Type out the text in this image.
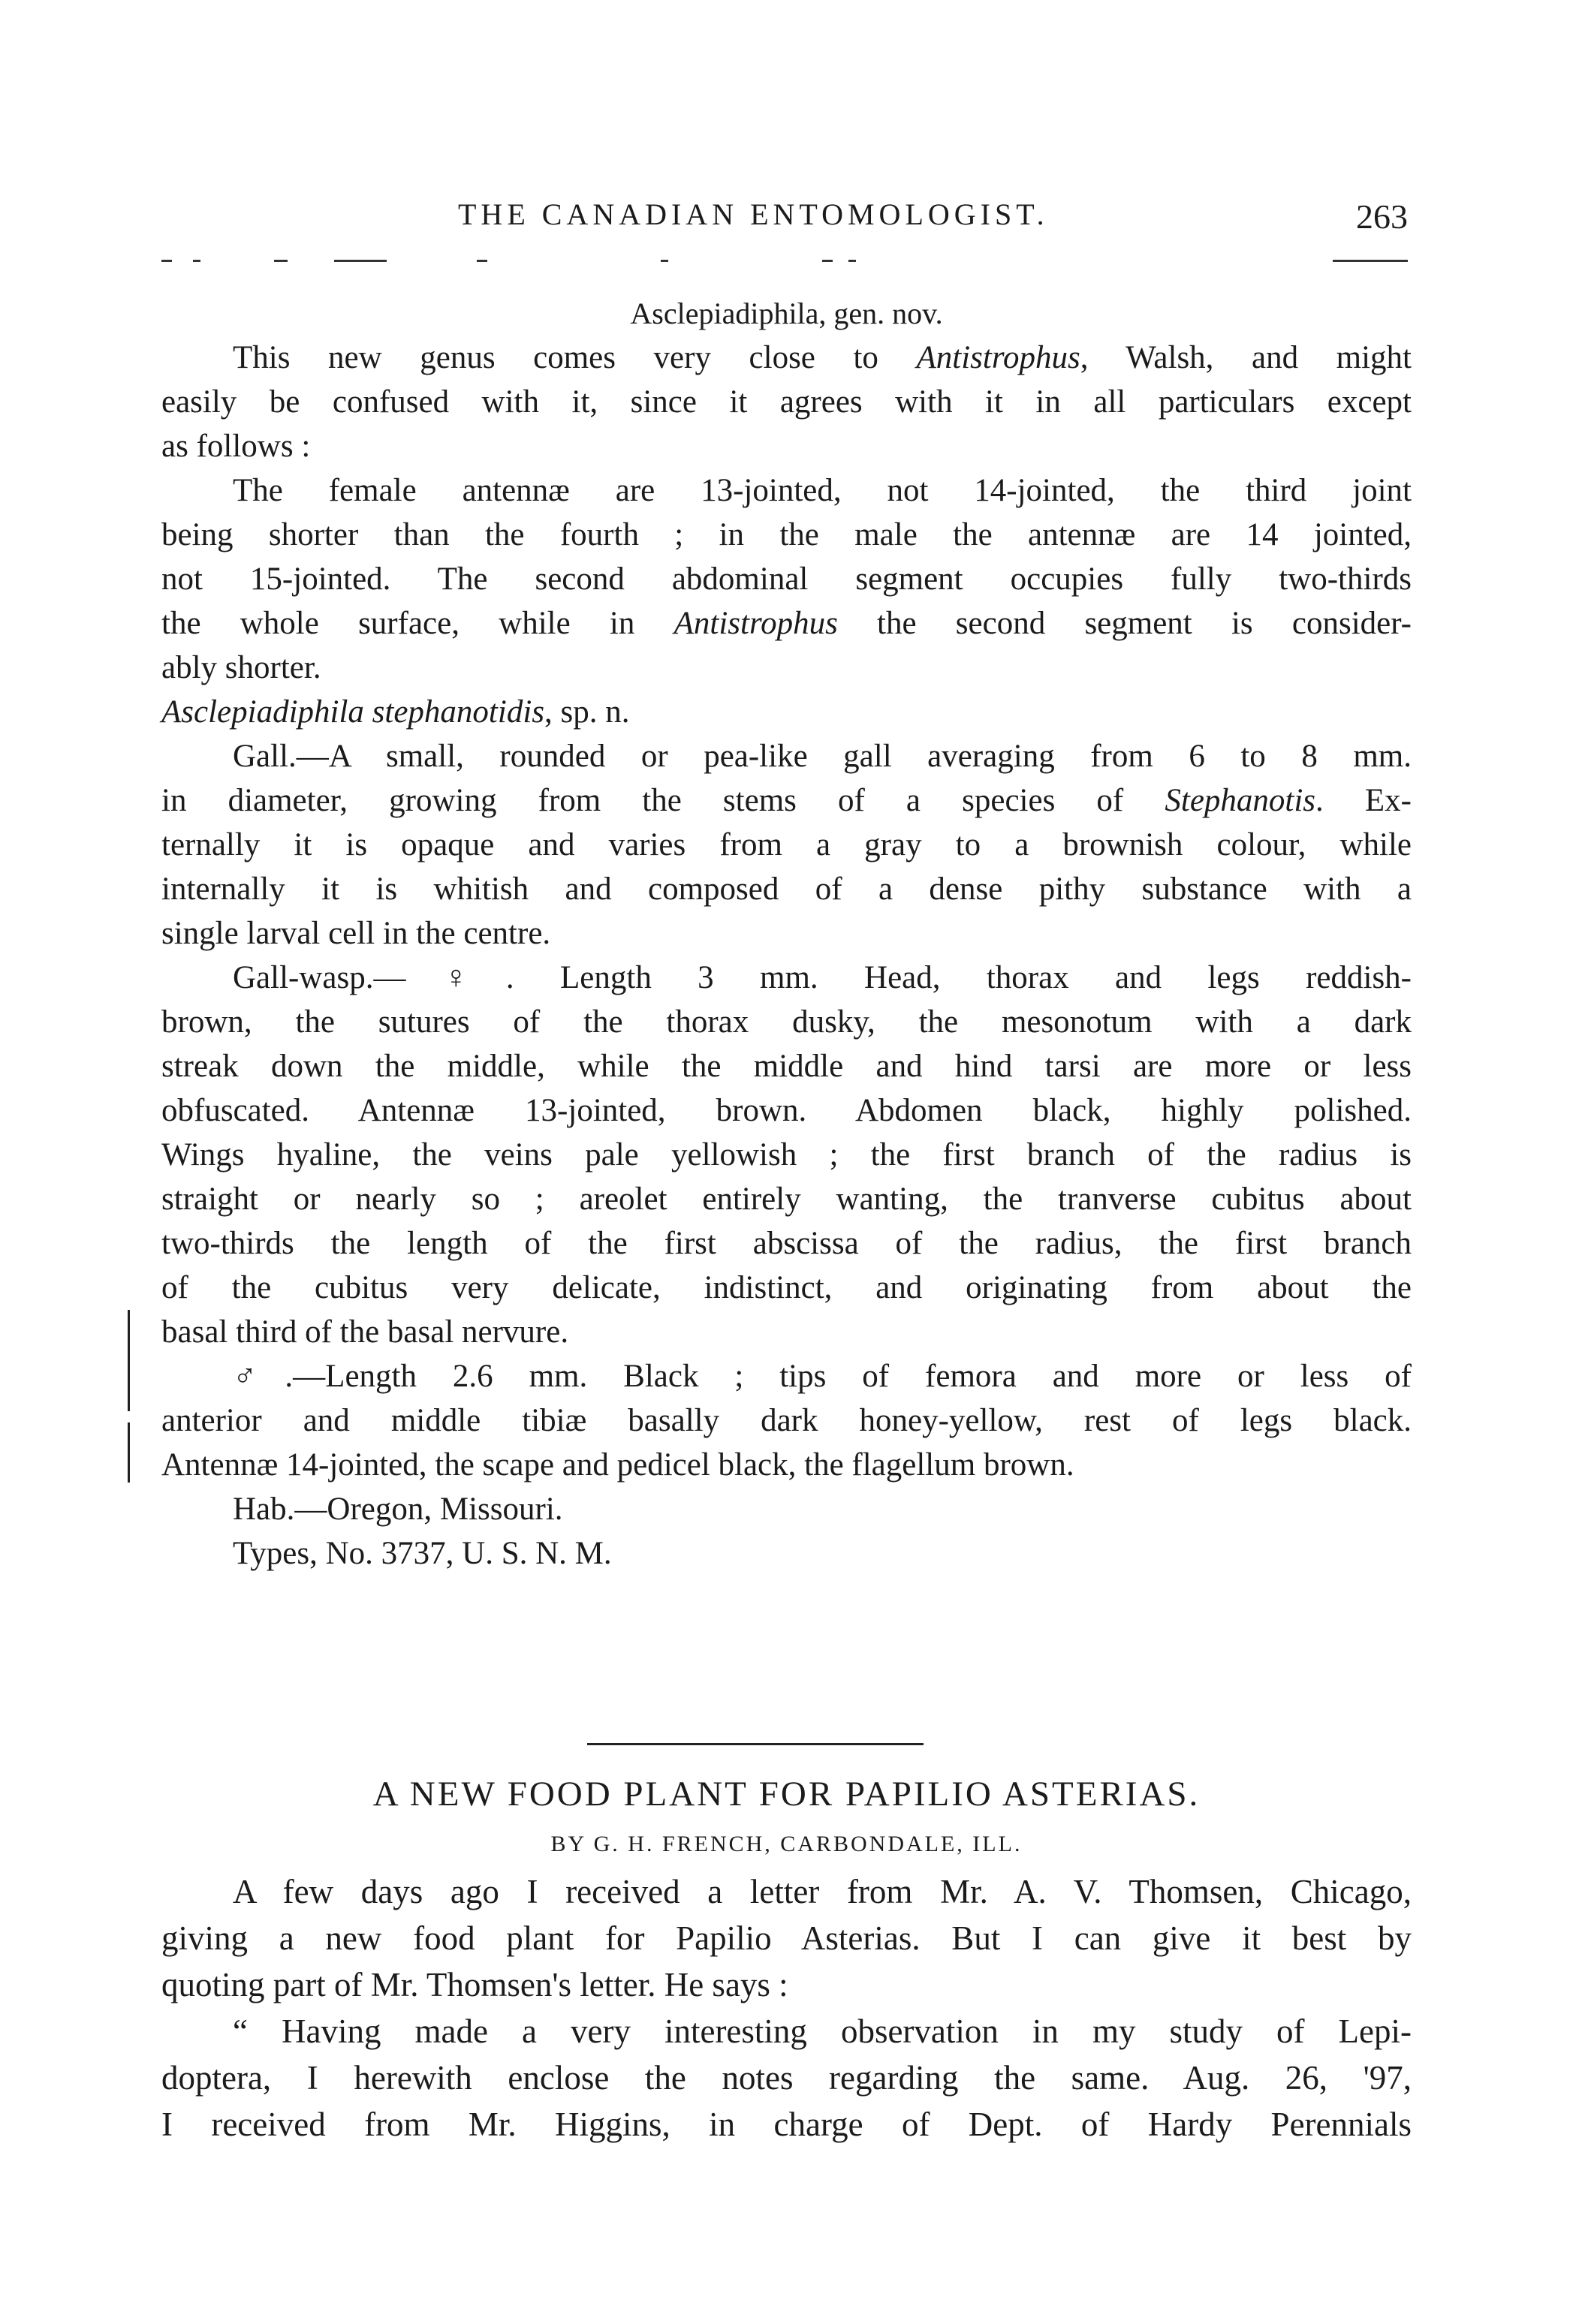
THE CANADIAN ENTOMOLOGIST.	263
Asclepiadiphila, gen. nov.
This new genus comes very close to Antistrophus, Walsh, and might
easily be confused with it, since it agrees with it in all particulars except
as follows :
The female antennæ are 13-jointed, not 14-jointed, the third joint
being shorter than the fourth ; in the male the antennæ are 14 jointed,
not 15-jointed. The second abdominal segment occupies fully two-thirds
the whole surface, while in Antistrophus the second segment is consider-
ably shorter.
Asclepiadiphila stephanotidis, sp. n.
Gall.—A small, rounded or pea-like gall averaging from 6 to 8 mm.
in diameter, growing from the stems of a species of Stephanotis. Ex-
ternally it is opaque and varies from a gray to a brownish colour, while
internally it is whitish and composed of a dense pithy substance with a
single larval cell in the centre.
Gall-wasp.—♀. Length 3 mm. Head, thorax and legs reddish-
brown, the sutures of the thorax dusky, the mesonotum with a dark
streak down the middle, while the middle and hind tarsi are more or less
obfuscated. Antennæ 13-jointed, brown. Abdomen black, highly polished.
Wings hyaline, the veins pale yellowish ; the first branch of the radius is
straight or nearly so ; areolet entirely wanting, the tranverse cubitus about
two-thirds the length of the first abscissa of the radius, the first branch
of the cubitus very delicate, indistinct, and originating from about the
basal third of the basal nervure.
♂.—Length 2.6 mm. Black ; tips of femora and more or less of
anterior and middle tibiæ basally dark honey-yellow, rest of legs black.
Antennæ 14-jointed, the scape and pedicel black, the flagellum brown.
Hab.—Oregon, Missouri.
Types, No. 3737, U. S. N. M.
A NEW FOOD PLANT FOR PAPILIO ASTERIAS.
BY G. H. FRENCH, CARBONDALE, ILL.
A few days ago I received a letter from Mr. A. V. Thomsen, Chicago,
giving a new food plant for Papilio Asterias. But I can give it best by
quoting part of Mr. Thomsen's letter. He says :
“ Having made a very interesting observation in my study of Lepi-
doptera, I herewith enclose the notes regarding the same. Aug. 26, '97,
I received from Mr. Higgins, in charge of Dept. of Hardy Perennials
